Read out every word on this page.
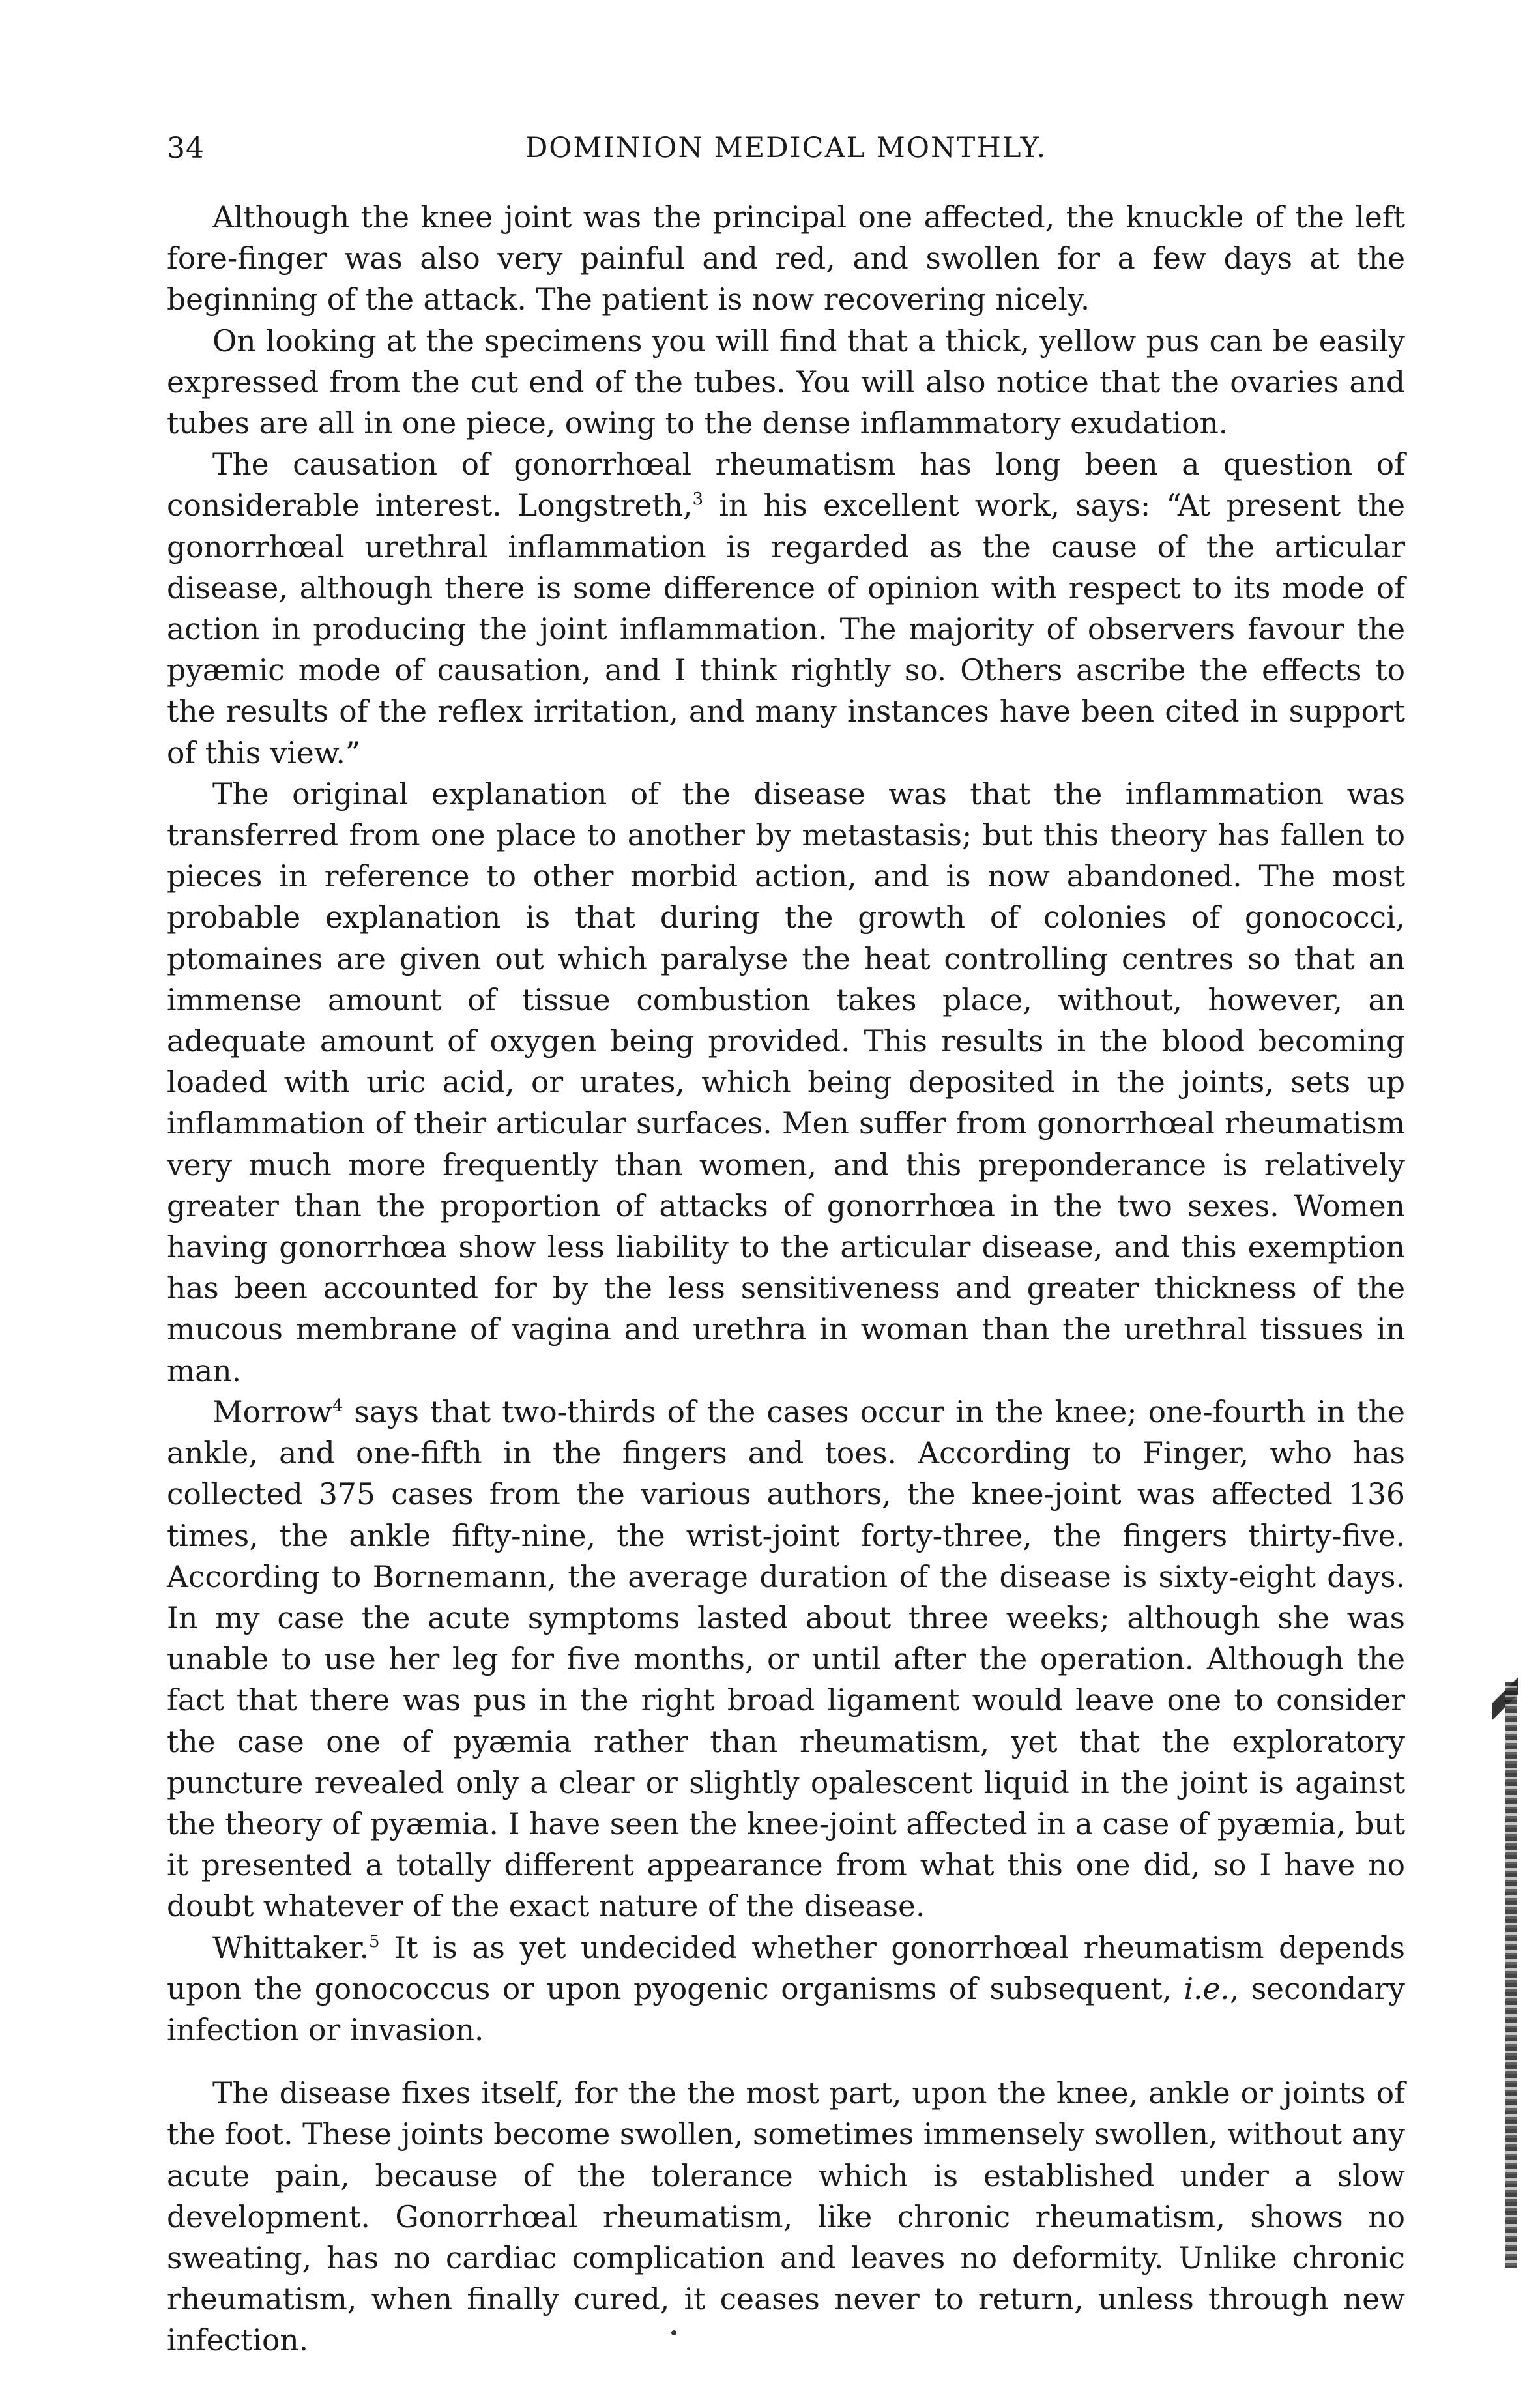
34	DOMINION MEDICAL MONTHLY.

Although the knee joint was the principal one affected, the knuckle of the left fore-finger was also very painful and red, and swollen for a few days at the beginning of the attack. The patient is now recovering nicely.

On looking at the specimens you will find that a thick, yellow pus can be easily expressed from the cut end of the tubes. You will also notice that the ovaries and tubes are all in one piece, owing to the dense inflammatory exudation.

The causation of gonorrhœal rheumatism has long been a question of considerable interest. Longstreth,$^3$ in his excellent work, says: “At present the gonorrhœal urethral inflammation is regarded as the cause of the articular disease, although there is some difference of opinion with respect to its mode of action in producing the joint inflammation. The majority of observers favour the pyæmic mode of causation, and I think rightly so. Others ascribe the effects to the results of the reflex irritation, and many instances have been cited in support of this view.”

The original explanation of the disease was that the inflammation was transferred from one place to another by metastasis; but this theory has fallen to pieces in reference to other morbid action, and is now abandoned. The most probable explanation is that during the growth of colonies of gonococci, ptomaines are given out which paralyse the heat controlling centres so that an immense amount of tissue combustion takes place, without, however, an adequate amount of oxygen being provided. This results in the blood becoming loaded with uric acid, or urates, which being deposited in the joints, sets up inflammation of their articular surfaces. Men suffer from gonorrhœal rheumatism very much more frequently than women, and this preponderance is relatively greater than the proportion of attacks of gonorrhœa in the two sexes. Women having gonorrhœa show less liability to the articular disease, and this exemption has been accounted for by the less sensitiveness and greater thickness of the mucous membrane of vagina and urethra in woman than the urethral tissues in man.

Morrow$^4$ says that two-thirds of the cases occur in the knee; one-fourth in the ankle, and one-fifth in the fingers and toes. According to Finger, who has collected 375 cases from the various authors, the knee-joint was affected 136 times, the ankle fifty-nine, the wrist-joint forty-three, the fingers thirty-five. According to Bornemann, the average duration of the disease is sixty-eight days. In my case the acute symptoms lasted about three weeks; although she was unable to use her leg for five months, or until after the operation. Although the fact that there was pus in the right broad ligament would leave one to consider the case one of pyæmia rather than rheumatism, yet that the exploratory puncture revealed only a clear or slightly opalescent liquid in the joint is against the theory of pyæmia. I have seen the knee-joint affected in a case of pyæmia, but it presented a totally different appearance from what this one did, so I have no doubt whatever of the exact nature of the disease.

Whittaker.$^5$ It is as yet undecided whether gonorrhœal rheumatism depends upon the gonococcus or upon pyogenic organisms of subsequent, i.e., secondary infection or invasion.

The disease fixes itself, for the the most part, upon the knee, ankle or joints of the foot. These joints become swollen, sometimes immensely swollen, without any acute pain, because of the tolerance which is established under a slow development. Gonorrhœal rheumatism, like chronic rheumatism, shows no sweating, has no cardiac complication and leaves no deformity. Unlike chronic rheumatism, when finally cured, it ceases never to return, unless through new infection.
